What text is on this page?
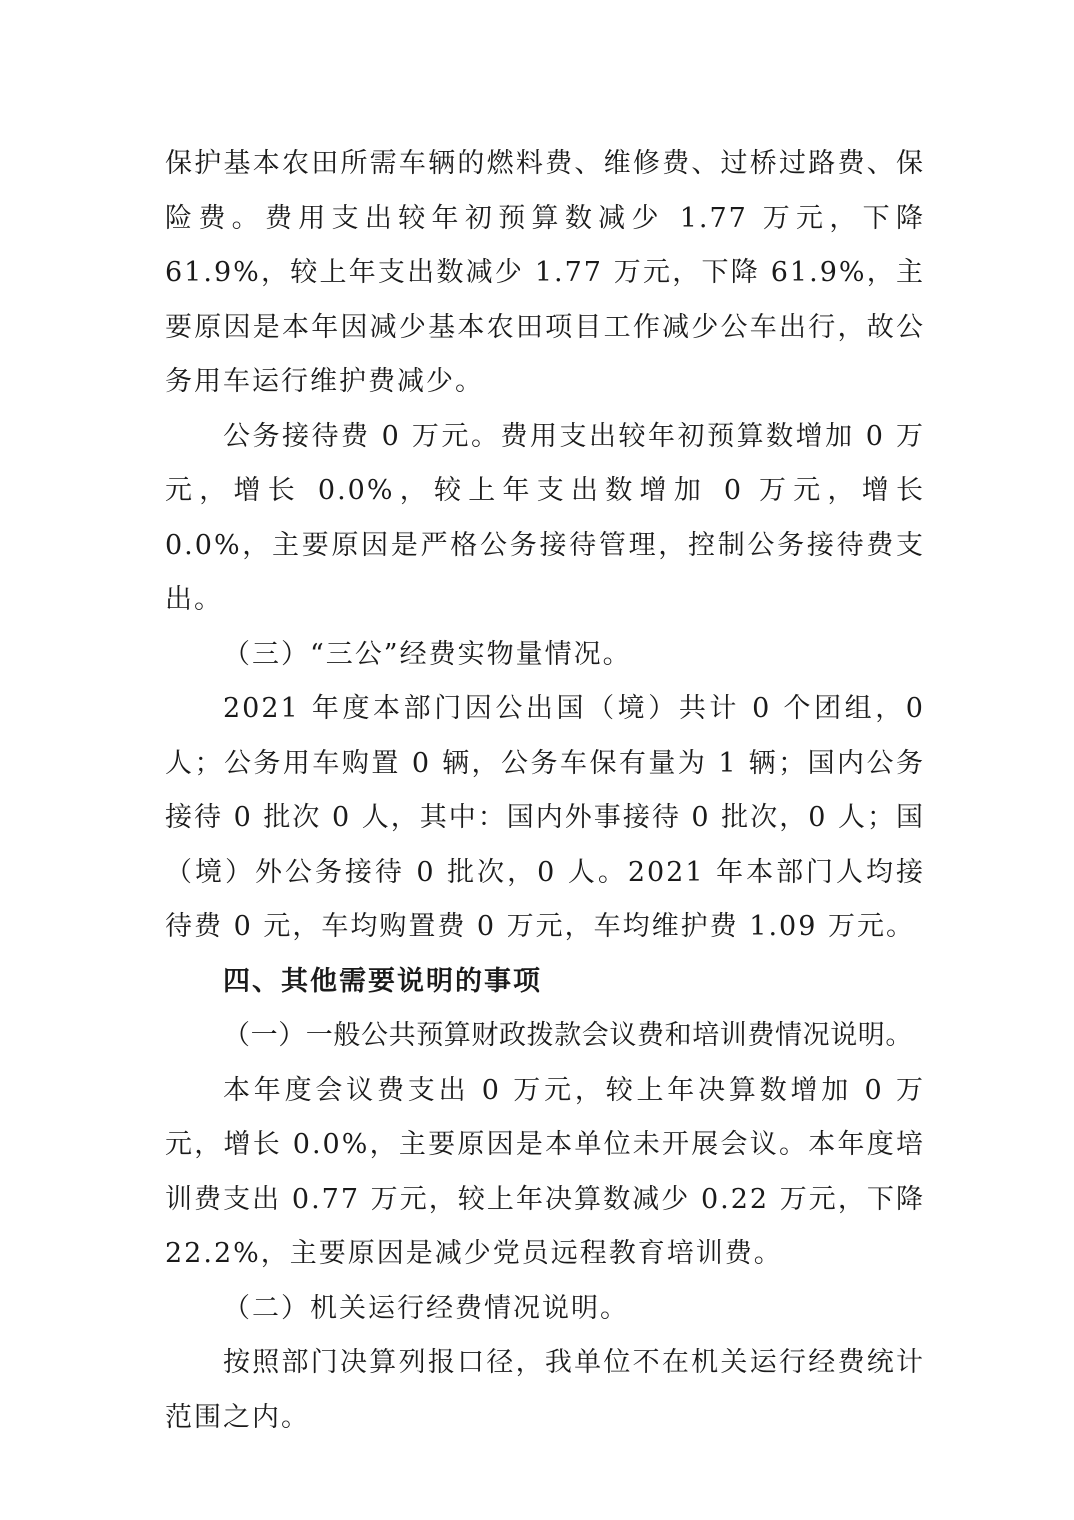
保护基本农田所需车辆的燃料费、维修费、过桥过路费、保险费。费用支出较年初预算数减少 1.77 万元，下降 61.9%，较上年支出数减少 1.77 万元，下降 61.9%，主要原因是本年因减少基本农田项目工作减少公车出行，故公务用车运行维护费减少。

公务接待费 0 万元。费用支出较年初预算数增加 0 万元，增长 0.0%，较上年支出数增加 0 万元，增长 0.0%，主要原因是严格公务接待管理，控制公务接待费支出。

（三）“三公”经费实物量情况。

2021 年度本部门因公出国（境）共计 0 个团组，0 人；公务用车购置 0 辆，公务车保有量为 1 辆；国内公务接待 0 批次 0 人，其中：国内外事接待 0 批次，0 人；国（境）外公务接待 0 批次，0 人。2021 年本部门人均接待费 0 元，车均购置费 0 万元，车均维护费 1.09 万元。

四、其他需要说明的事项

（一）一般公共预算财政拨款会议费和培训费情况说明。

本年度会议费支出 0 万元，较上年决算数增加 0 万元，增长 0.0%，主要原因是本单位未开展会议。本年度培训费支出 0.77 万元，较上年决算数减少 0.22 万元，下降 22.2%，主要原因是减少党员远程教育培训费。

（二）机关运行经费情况说明。

按照部门决算列报口径，我单位不在机关运行经费统计范围之内。
